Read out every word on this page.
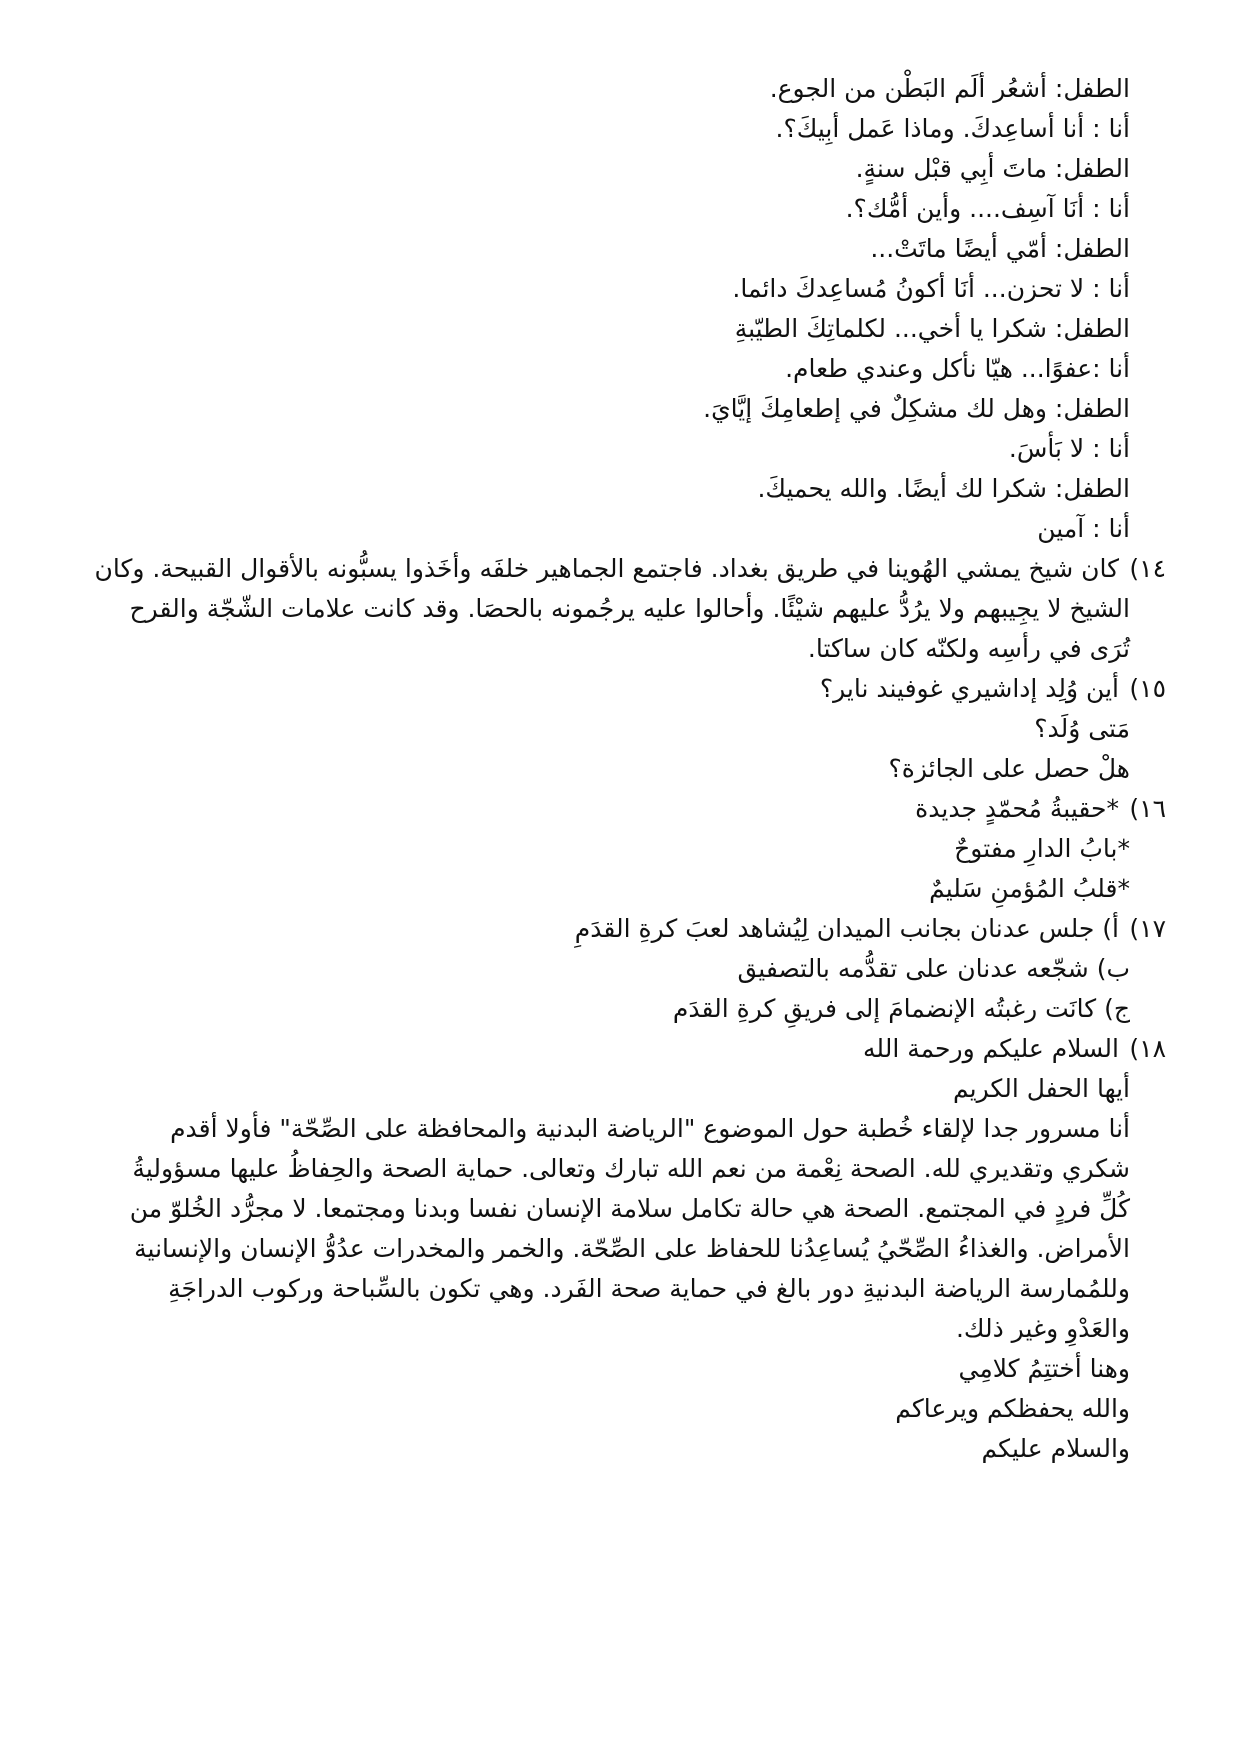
الطفل: أشعُر ألَم البَطْن من الجوع.
أنا : أنا أساعِدكَ. وماذا عَمل أبِيكَ؟.
الطفل: ماتَ أبِي قبْل سنةٍ.
أنا : أنَا آسِف.... وأين أمُّك؟.
الطفل: أمّي أيضًا ماتَتْ...
أنا : لا تحزن... أنَا أكونُ مُساعِدكَ دائما.
الطفل: شكرا يا أخي... لكلماتِكَ الطيّبةِ
أنا :عفوًا... هيّا نأكل وعندي طعام.
الطفل: وهل لك مشكِلٌ في إطعامِكَ إيَّايَ.
أنا : لا بَأسَ.
الطفل: شكرا لك أيضًا. والله يحميكَ.
أنا : آمين
١٤)
كان شيخ يمشي الهُوينا في طريق بغداد. فاجتمع الجماهير خلفَه وأخَذوا يسبُّونه بالأقوال القبيحة. وكان
الشيخ لا يجِيبهم ولا يرُدُّ عليهم شيْئًا. وأحالوا عليه يرجُمونه بالحصَا. وقد كانت علامات الشّجّة والقرح
تُرَى في رأسِه ولكنّه كان ساكتا.
١٥)
أين وُلِد إداشيري غوفيند ناير؟
مَتى وُلَد؟
هلْ حصل على الجائزة؟
١٦)
*حقيبةُ مُحمّدٍ جديدة
*بابُ الدارِ مفتوحٌ
*قلبُ المُؤمنِ سَليمٌ
١٧)
أ) جلس عدنان بجانب الميدان لِيُشاهد لعبَ كرةِ القدَمِ
ب) شجّعه عدنان على تقدُّمه بالتصفيق
ج) كانَت رغبتُه الإنضمامَ إلى فريقِ كرةِ القدَم
١٨)
السلام عليكم ورحمة الله
أيها الحفل الكريم
أنا مسرور جدا لإلقاء خُطبة حول الموضوع "الرياضة البدنية والمحافظة على الصِّحّة" فأولا أقدم
شكري وتقديري لله. الصحة نِعْمة من نعم الله تبارك وتعالى. حماية الصحة والحِفاظُ عليها مسؤوليةُ
كُلِّ فردٍ في المجتمع. الصحة هي حالة تكامل سلامة الإنسان نفسا وبدنا ومجتمعا. لا مجرُّد الخُلوّ من
الأمراض. والغذاءُ الصِّحّيُ يُساعِدُنا للحفاظ على الصِّحّة. والخمر والمخدرات عدُوُّ الإنسان والإنسانية
وللمُمارسة الرياضة البدنيةِ دور بالغ في حماية صحة الفَرد. وهي تكون بالسِّباحة وركوب الدراجَةِ
والعَدْوِ وغير ذلك.
وهنا أختتِمُ كلامِي
والله يحفظكم ويرعاكم
والسلام عليكم
